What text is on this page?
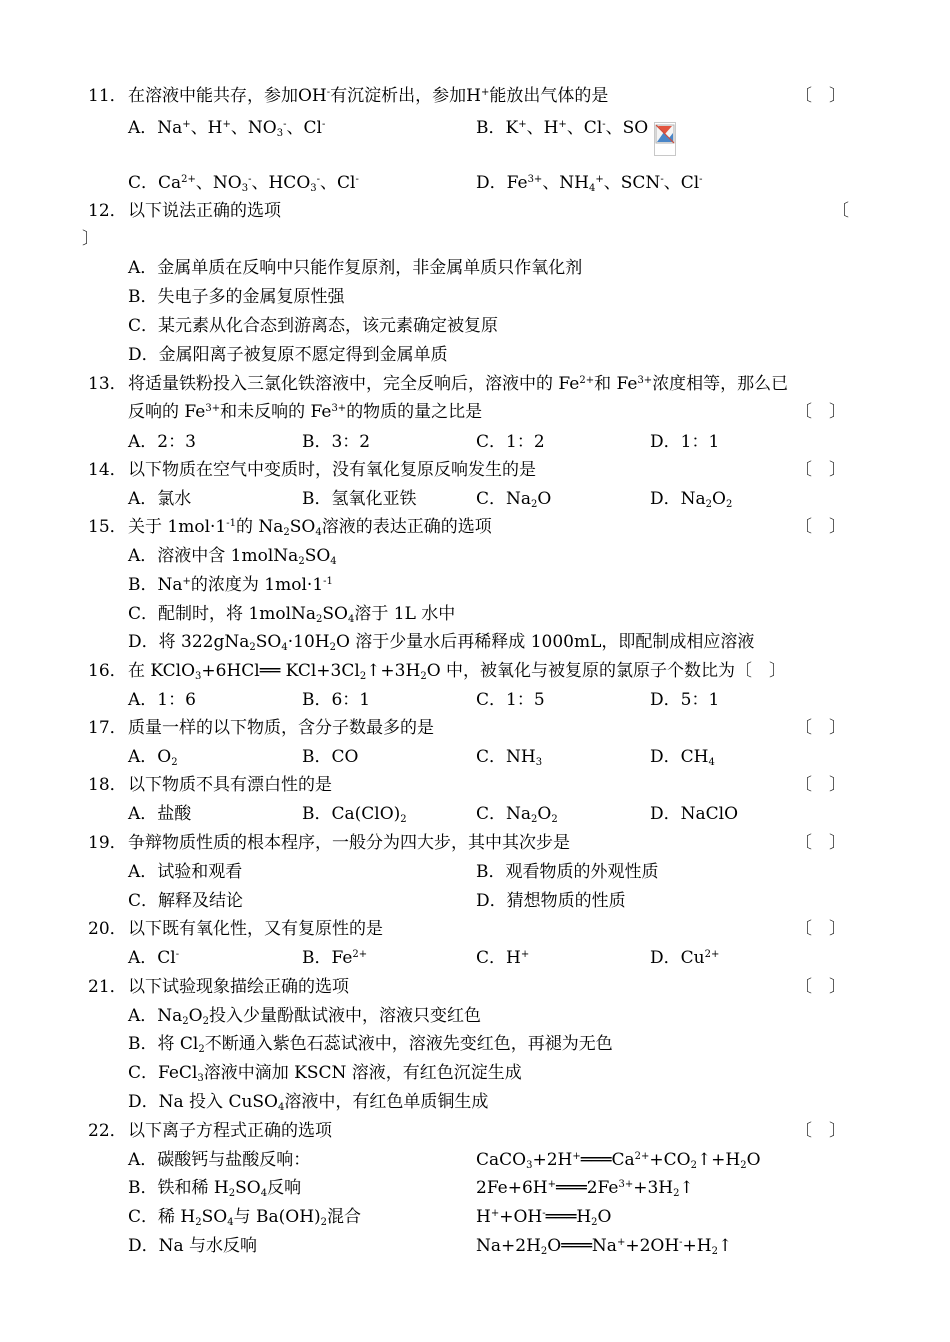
11． 在溶液中能共存，参加OH-有沉淀析出，参加H+能放出气体的是	〔　〕
A．Na+、H+、$NO_3^-$、Cl-	B．K+、H+、Cl-、SO
C．$Ca^{2+}$、$NO_3^-$、$HCO_3^-$、Cl-	D．$Fe^{3+}$、$NH_4^+$、SCN-、Cl-
12． 以下说法正确的选项	〔
〕
A．金属单质在反响中只能作复原剂，非金属单质只作氧化剂
B．失电子多的金属复原性强
C．某元素从化合态到游离态，该元素确定被复原
D．金属阳离子被复原不愿定得到金属单质
13． 将适量铁粉投入三氯化铁溶液中，完全反响后，溶液中的 $Fe^{2+}$和 $Fe^{3+}$浓度相等，那么已
反响的 $Fe^{3+}$和未反响的 $Fe^{3+}$的物质的量之比是	〔　〕
A．2：3	B．3：2	C．1：2	D．1：1
14． 以下物质在空气中变质时，没有氧化复原反响发生的是	〔　〕
A．氯水	B．氢氧化亚铁	C．$Na_2O$	D．$Na_2O_2$
15． 关于 $1mol\cdot 1^{-1}$的 $Na_2SO_4$溶液的表达正确的选项	〔　〕
A．溶液中含 $1molNa_2SO_4$
B．Na+的浓度为 $1mol\cdot 1^{-1}$
C．配制时，将 $1molNa_2SO_4$溶于 1L 水中
D．将 $322gNa_2SO_4\cdot 10H_2O$ 溶于少量水后再稀释成 1000mL，即配制成相应溶液
16． 在 KClO$_3$+6HCl══ $KCl+3Cl_2↑+3H_2O$ 中，被氧化与被复原的氯原子个数比为〔　〕
A．1：6	B．6：1	C．1：5	D．5：1
17． 质量一样的以下物质，含分子数最多的是	〔　〕
A．$O_2$	B．CO	C．$NH_3$	D．$CH_4$
18． 以下物质不具有漂白性的是	〔　〕
A．盐酸	B．$Ca(ClO)_2$	C．$Na_2O_2$	D．NaClO
19． 争辩物质性质的根本程序，一般分为四大步，其中其次步是	〔　〕
A．试验和观看	B．观看物质的外观性质
C．解释及结论	D．猜想物质的性质
20． 以下既有氧化性，又有复原性的是	〔　〕
A．Cl-	B．$Fe^{2+}$	C．H+	D．$Cu^{2+}$
21． 以下试验现象描绘正确的选项	〔　〕
A．$Na_2O_2$投入少量酚酞试液中，溶液只变红色
B．将 $Cl_2$不断通入紫色石蕊试液中，溶液先变红色，再褪为无色
C．FeCl$_3$溶液中滴加 KSCN 溶液，有红色沉淀生成
D．Na 投入 CuSO$_4$溶液中，有红色单质铜生成
22． 以下离子方程式正确的选项	〔　〕
A．碳酸钙与盐酸反响：	$CaCO_3+2H^+═══Ca^{2+}+CO_2↑+H_2O$
B．铁和稀 $H_2SO_4$反响	$2Fe+6H^+═══2Fe^{3+}+3H_2↑$
C．稀 $H_2SO_4$与 $Ba(OH)_2$混合	$H^++OH^-═══H_2O$
D．Na 与水反响	$Na+2H_2O═══Na^++2OH^-+H_2↑$
